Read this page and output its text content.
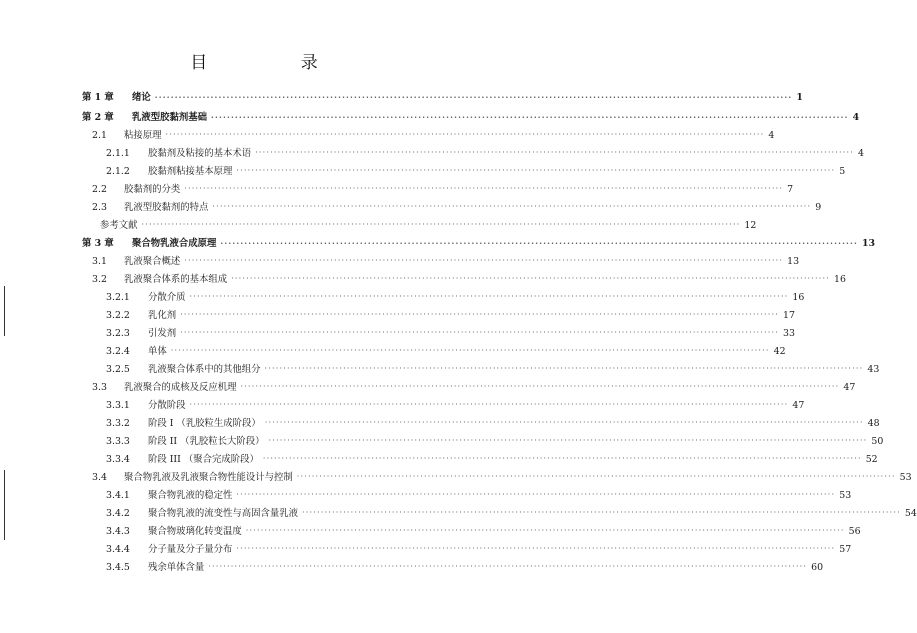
目 录
第 1 章	绪论 ································································································································································ 1
第 2 章	乳液型胶黏剂基础 ································································································································································ 4
2.1	粘接原理 ································································································································································ 4
2.1.1	胶黏剂及粘接的基本术语 ································································································································································ 4
2.1.2	胶黏剂粘接基本原理 ································································································································································ 5
2.2	胶黏剂的分类 ································································································································································ 7
2.3	乳液型胶黏剂的特点 ································································································································································ 9
参考文献 ································································································································································ 12
第 3 章	聚合物乳液合成原理 ································································································································································ 13
3.1	乳液聚合概述 ································································································································································ 13
3.2	乳液聚合体系的基本组成 ································································································································································ 16
3.2.1	分散介质 ································································································································································ 16
3.2.2	乳化剂 ································································································································································ 17
3.2.3	引发剂 ································································································································································ 33
3.2.4	单体 ································································································································································ 42
3.2.5	乳液聚合体系中的其他组分 ································································································································································ 43
3.3	乳液聚合的成核及反应机理 ································································································································································ 47
3.3.1	分散阶段 ································································································································································ 47
3.3.2	阶段 I （乳胶粒生成阶段） ································································································································································ 48
3.3.3	阶段 II （乳胶粒长大阶段） ································································································································································ 50
3.3.4	阶段 III （聚合完成阶段） ································································································································································ 52
3.4	聚合物乳液及乳液聚合物性能设计与控制 ································································································································································ 53
3.4.1	聚合物乳液的稳定性 ································································································································································ 53
3.4.2	聚合物乳液的流变性与高固含量乳液 ································································································································································ 54
3.4.3	聚合物玻璃化转变温度 ································································································································································ 56
3.4.4	分子量及分子量分布 ································································································································································ 57
3.4.5	残余单体含量 ································································································································································ 60
